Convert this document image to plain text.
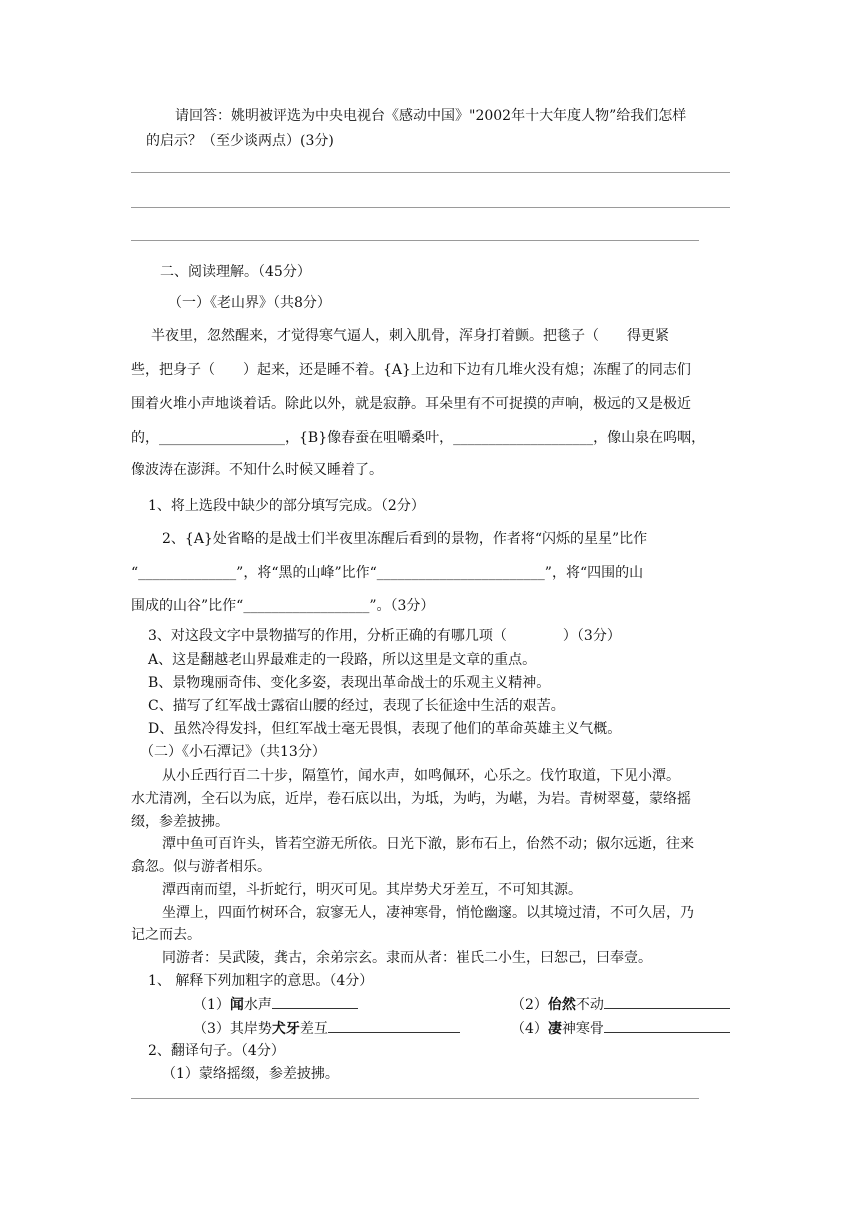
请回答：姚明被评选为中央电视台《感动中国》"2002年十大年度人物”给我们怎样
的启示？（至少谈两点）(3分)
二、阅读理解。（45分）
（一）《老山界》（共8分）
半夜里，忽然醒来，才觉得寒气逼人，刺入肌骨，浑身打着颤。把毯子（　　得更紧
些，把身子（　　）起来，还是睡不着。{A}上边和下边有几堆火没有熄；冻醒了的同志们
围着火堆小声地谈着话。除此以外，就是寂静。耳朵里有不可捉摸的声响，极远的又是极近
的，__________________，{B}像春蚕在咀嚼桑叶，____________________，像山泉在呜咽，
像波涛在澎湃。不知什么时候又睡着了。
1、将上选段中缺少的部分填写完成。（2分）
2、{A}处省略的是战士们半夜里冻醒后看到的景物，作者将“闪烁的星星”比作
“______________”，将“黑的山峰”比作“________________________”，将“四围的山
围成的山谷”比作“__________________”。（3分）
3、对这段文字中景物描写的作用，分析正确的有哪几项（　　　　）（3分）
A、这是翻越老山界最难走的一段路，所以这里是文章的重点。
B、景物瑰丽奇伟、变化多姿，表现出革命战士的乐观主义精神。
C、描写了红军战士露宿山腰的经过，表现了长征途中生活的艰苦。
D、虽然冷得发抖，但红军战士毫无畏惧，表现了他们的革命英雄主义气概。
（二）《小石潭记》（共13分）
从小丘西行百二十步，隔篁竹，闻水声，如鸣佩环，心乐之。伐竹取道，下见小潭。
水尤清冽，全石以为底，近岸，卷石底以出，为坻，为屿，为嵁，为岩。青树翠蔓，蒙络摇
缀，参差披拂。
潭中鱼可百许头，皆若空游无所依。日光下澈，影布石上，佁然不动；俶尔远逝，往来
翕忽。似与游者相乐。
潭西南而望，斗折蛇行，明灭可见。其岸势犬牙差互，不可知其源。
坐潭上，四面竹树环合，寂寥无人，凄神寒骨，悄怆幽邃。以其境过清，不可久居，乃
记之而去。
同游者：吴武陵，龚古，余弟宗玄。隶而从者：崔氏二小生，曰恕己，曰奉壹。
1、 解释下列加粗字的意思。（4分）
（1）闻水声	（2）佁然不动
（3）其岸势犬牙差互	（4）凄神寒骨
2、翻译句子。（4分）
（1）蒙络摇缀，参差披拂。
